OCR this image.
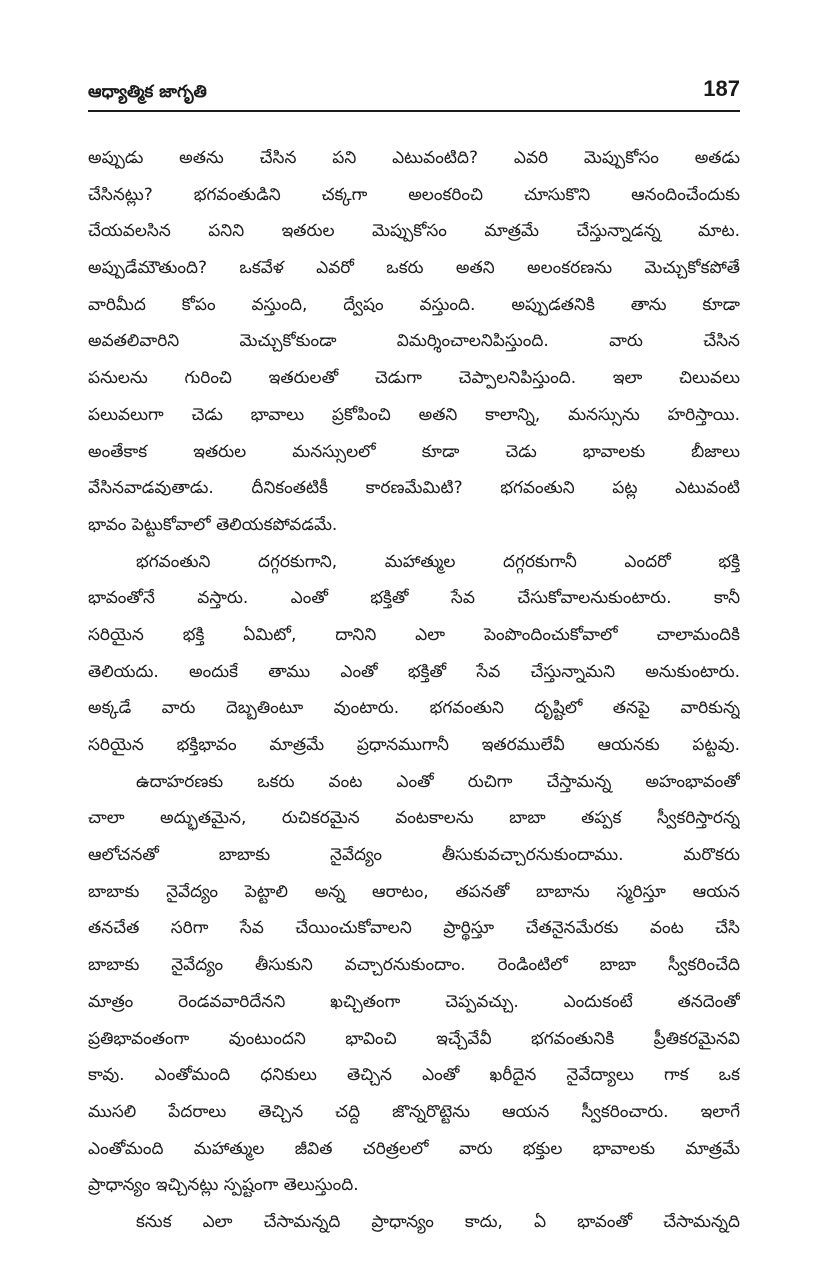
ఆధ్యాత్మిక జాగృతి	187
అప్పుడు అతను చేసిన పని ఎటువంటిది? ఎవరి మెప్పుకోసం అతడు
చేసినట్లు? భగవంతుడిని చక్కగా అలంకరించి చూసుకొని ఆనందించేందుకు
చేయవలసిన పనిని ఇతరుల మెప్పుకోసం మాత్రమే చేస్తున్నాడన్న మాట.
అప్పుడేమౌతుంది? ఒకవేళ ఎవరో ఒకరు అతని అలంకరణను మెచ్చుకోకపోతే
వారిమీద కోపం వస్తుంది, ద్వేషం వస్తుంది. అప్పుడతనికి తాను కూడా
అవతలివారిని మెచ్చుకోకుండా విమర్శించాలనిపిస్తుంది. వారు చేసిన
పనులను గురించి ఇతరులతో చెడుగా చెప్పాలనిపిస్తుంది. ఇలా చిలువలు
పలువలుగా చెడు భావాలు ప్రకోపించి అతని కాలాన్ని, మనస్సును హరిస్తాయి.
అంతేకాక ఇతరుల మనస్సులలో కూడా చెడు భావాలకు బీజాలు
వేసినవాడవుతాడు. దీనికంతటికీ కారణమేమిటి? భగవంతుని పట్ల ఎటువంటి
భావం పెట్టుకోవాలో తెలియకపోవడమే.
భగవంతుని దగ్గరకుగాని, మహాత్ముల దగ్గరకుగానీ ఎందరో భక్తి
భావంతోనే వస్తారు. ఎంతో భక్తితో సేవ చేసుకోవాలనుకుంటారు. కానీ
సరియైన భక్తి ఏమిటో, దానిని ఎలా పెంపొందించుకోవాలో చాలామందికి
తెలియదు. అందుకే తాము ఎంతో భక్తితో సేవ చేస్తున్నామని అనుకుంటారు.
అక్కడే వారు దెబ్బతింటూ వుంటారు. భగవంతుని దృష్టిలో తనపై వారికున్న
సరియైన భక్తిభావం మాత్రమే ప్రధానముగానీ ఇతరములేవీ ఆయనకు పట్టవు.
ఉదాహరణకు ఒకరు వంట ఎంతో రుచిగా చేస్తామన్న అహంభావంతో
చాలా అద్భుతమైన, రుచికరమైన వంటకాలను బాబా తప్పక స్వీకరిస్తారన్న
ఆలోచనతో బాబాకు నైవేద్యం తీసుకువచ్చారనుకుందాము. మరొకరు
బాబాకు నైవేద్యం పెట్టాలి అన్న ఆరాటం, తపనతో బాబాను స్మరిస్తూ ఆయన
తనచేత సరిగా సేవ చేయించుకోవాలని ప్రార్థిస్తూ చేతనైనమేరకు వంట చేసి
బాబాకు నైవేద్యం తీసుకుని వచ్చారనుకుందాం. రెండింటిలో బాబా స్వీకరించేది
మాత్రం రెండవవారిదేనని ఖచ్చితంగా చెప్పవచ్చు. ఎందుకంటే తనదెంతో
ప్రతిభావంతంగా వుంటుందని భావించి ఇచ్చేవేవీ భగవంతునికి ప్రీతికరమైనవి
కావు. ఎంతోమంది ధనికులు తెచ్చిన ఎంతో ఖరీదైన నైవేద్యాలు గాక ఒక
ముసలి పేదరాలు తెచ్చిన చద్ది జొన్నరొట్టెను ఆయన స్వీకరించారు. ఇలాగే
ఎంతోమంది మహాత్ముల జీవిత చరిత్రలలో వారు భక్తుల భావాలకు మాత్రమే
ప్రాధాన్యం ఇచ్చినట్లు స్పష్టంగా తెలుస్తుంది.
కనుక ఎలా చేసామన్నది ప్రాధాన్యం కాదు, ఏ భావంతో చేసామన్నది
